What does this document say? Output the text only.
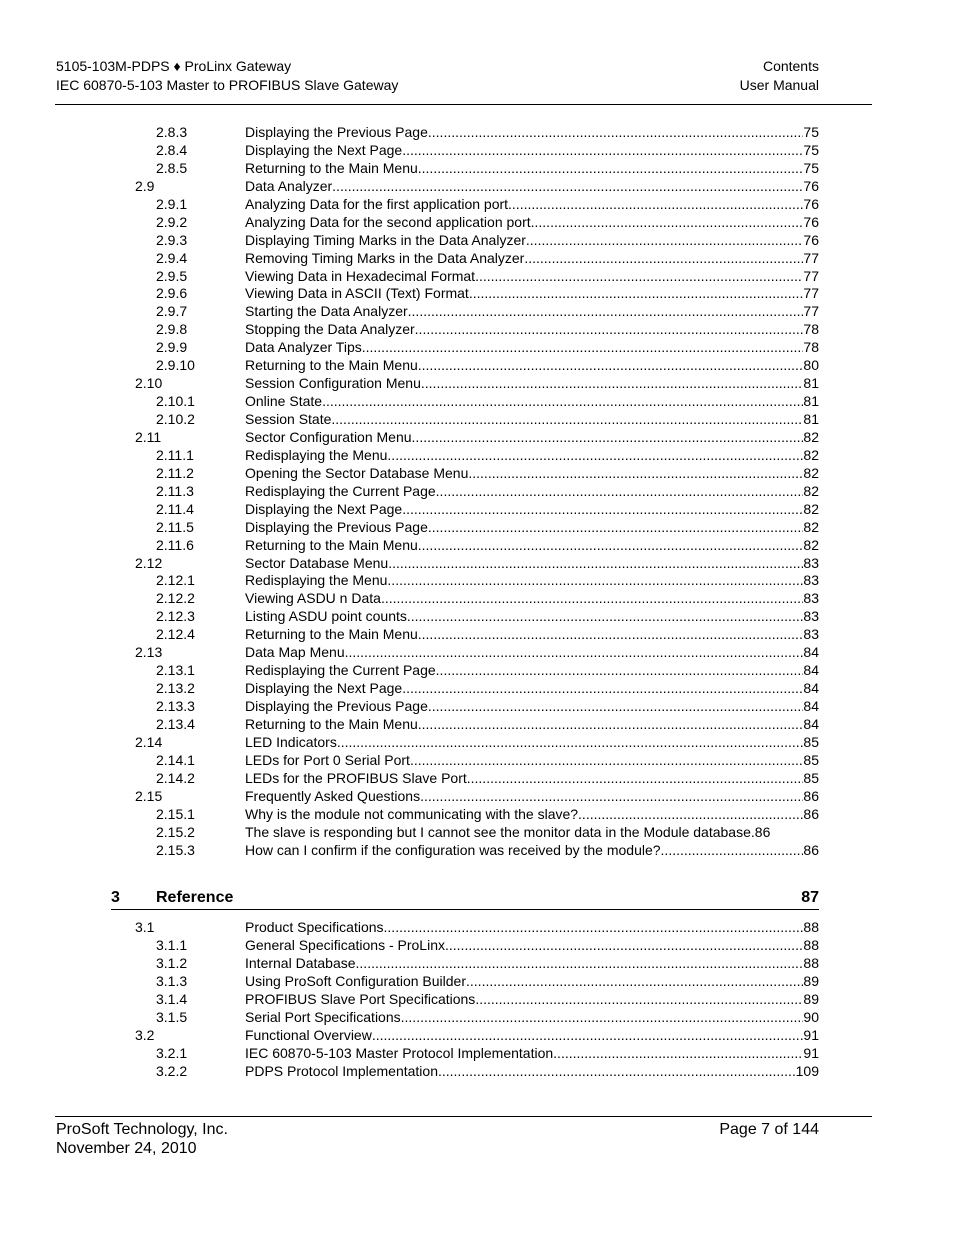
5105-103M-PDPS ♦ ProLinx Gateway
IEC 60870-5-103 Master to PROFIBUS Slave Gateway
Contents
User Manual
2.8.3	Displaying the Previous Page .....	75
2.8.4	Displaying the Next Page .....	75
2.8.5	Returning to the Main Menu .....	75
2.9	Data Analyzer .....	76
2.9.1	Analyzing Data for the first application port .....	76
2.9.2	Analyzing Data for the second application port .....	76
2.9.3	Displaying Timing Marks in the Data Analyzer .....	76
2.9.4	Removing Timing Marks in the Data Analyzer .....	77
2.9.5	Viewing Data in Hexadecimal Format .....	77
2.9.6	Viewing Data in ASCII (Text) Format .....	77
2.9.7	Starting the Data Analyzer .....	77
2.9.8	Stopping the Data Analyzer .....	78
2.9.9	Data Analyzer Tips .....	78
2.9.10	Returning to the Main Menu .....	80
2.10	Session Configuration Menu .....	81
2.10.1	Online State .....	81
2.10.2	Session State .....	81
2.11	Sector Configuration Menu .....	82
2.11.1	Redisplaying the Menu .....	82
2.11.2	Opening the Sector Database Menu .....	82
2.11.3	Redisplaying the Current Page .....	82
2.11.4	Displaying the Next Page .....	82
2.11.5	Displaying the Previous Page .....	82
2.11.6	Returning to the Main Menu .....	82
2.12	Sector Database Menu .....	83
2.12.1	Redisplaying the Menu .....	83
2.12.2	Viewing ASDU n Data .....	83
2.12.3	Listing ASDU point counts .....	83
2.12.4	Returning to the Main Menu .....	83
2.13	Data Map Menu .....	84
2.13.1	Redisplaying the Current Page .....	84
2.13.2	Displaying the Next Page .....	84
2.13.3	Displaying the Previous Page .....	84
2.13.4	Returning to the Main Menu .....	84
2.14	LED Indicators .....	85
2.14.1	LEDs for Port 0 Serial Port .....	85
2.14.2	LEDs for the PROFIBUS Slave Port .....	85
2.15	Frequently Asked Questions .....	86
2.15.1	Why is the module not communicating with the slave? .....	86
2.15.2	The slave is responding but I cannot see the monitor data in the Module database. 86
2.15.3	How can I confirm if the configuration was received by the module? .....	86
3 Reference	87
3.1	Product Specifications .....	88
3.1.1	General Specifications - ProLinx .....	88
3.1.2	Internal Database .....	88
3.1.3	Using ProSoft Configuration Builder .....	89
3.1.4	PROFIBUS Slave Port Specifications .....	89
3.1.5	Serial Port Specifications .....	90
3.2	Functional Overview .....	91
3.2.1	IEC 60870-5-103 Master Protocol Implementation .....	91
3.2.2	PDPS Protocol Implementation .....	109
ProSoft Technology, Inc.
November 24, 2010
Page 7 of 144
